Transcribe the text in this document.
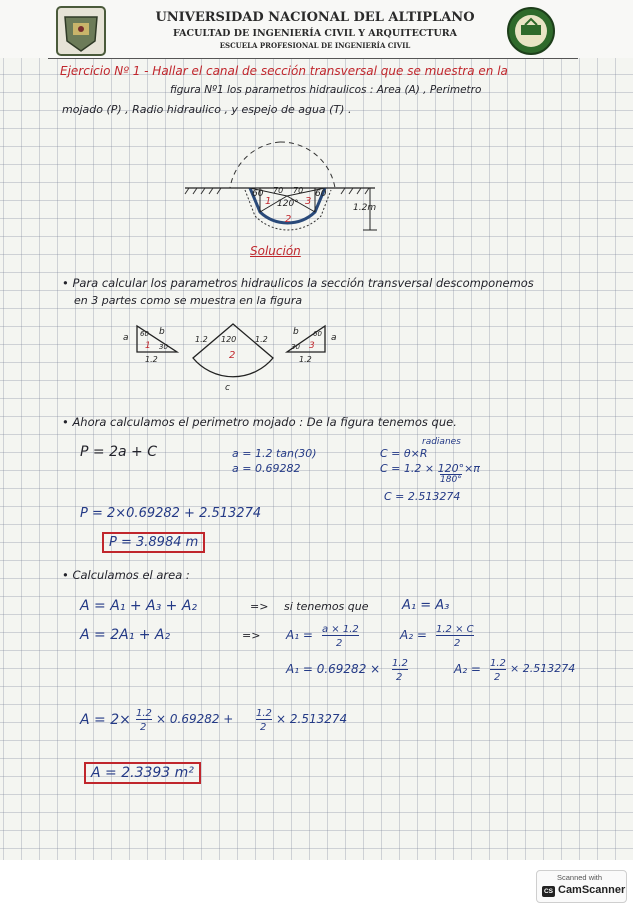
UNIVERSIDAD NACIONAL DEL ALTIPLANO
FACULTAD DE INGENIERÍA CIVIL Y ARQUITECTURA
ESCUELA PROFESIONAL DE INGENIERÍA CIVIL
Ejercicio Nº 1 - Hallar el canal de sección transversal que se muestra en la
figura Nº1 los parametros hidraulicos : Area (A) , Perimetro
mojado (P) , Radio hidraulico , y espejo de agua (T) .
60 70 70 60
120°
1
2
3
1.2m
Solución
• Para calcular los parametros hidraulicos la sección transversal descomponemos
en 3 partes como se muestra en la figura
a
b
60
30
1
1.2
1.2 120 1.2
2
c
b
a
60
30 3
1.2
• Ahora calculamos el perimetro mojado : De la figura tenemos que.
P = 2a + C	a = 1.2 tan(30)
a = 0.69282
radianes
C = θ×R
C = 1.2 × 120°×π
180°
C = 2.513274
P = 2×0.69282 + 2.513274
P = 3.8984 m
• Calculamos el area :
A = A₁ + A₃ + A₂	=> si tenemos que	A₁ = A₃
A = 2A₁ + A₂	=> A₁ = a × 1.2
2
A₂ = 1.2 × C
2
A₁ = 0.69282 × 1.2
2
A₂ = 1.2
2
× 2.513274
A = 2× 1.2
2
× 0.69282 + 1.2
2
× 2.513274
A = 2.3393 m²
Scanned with
CS CamScanner
